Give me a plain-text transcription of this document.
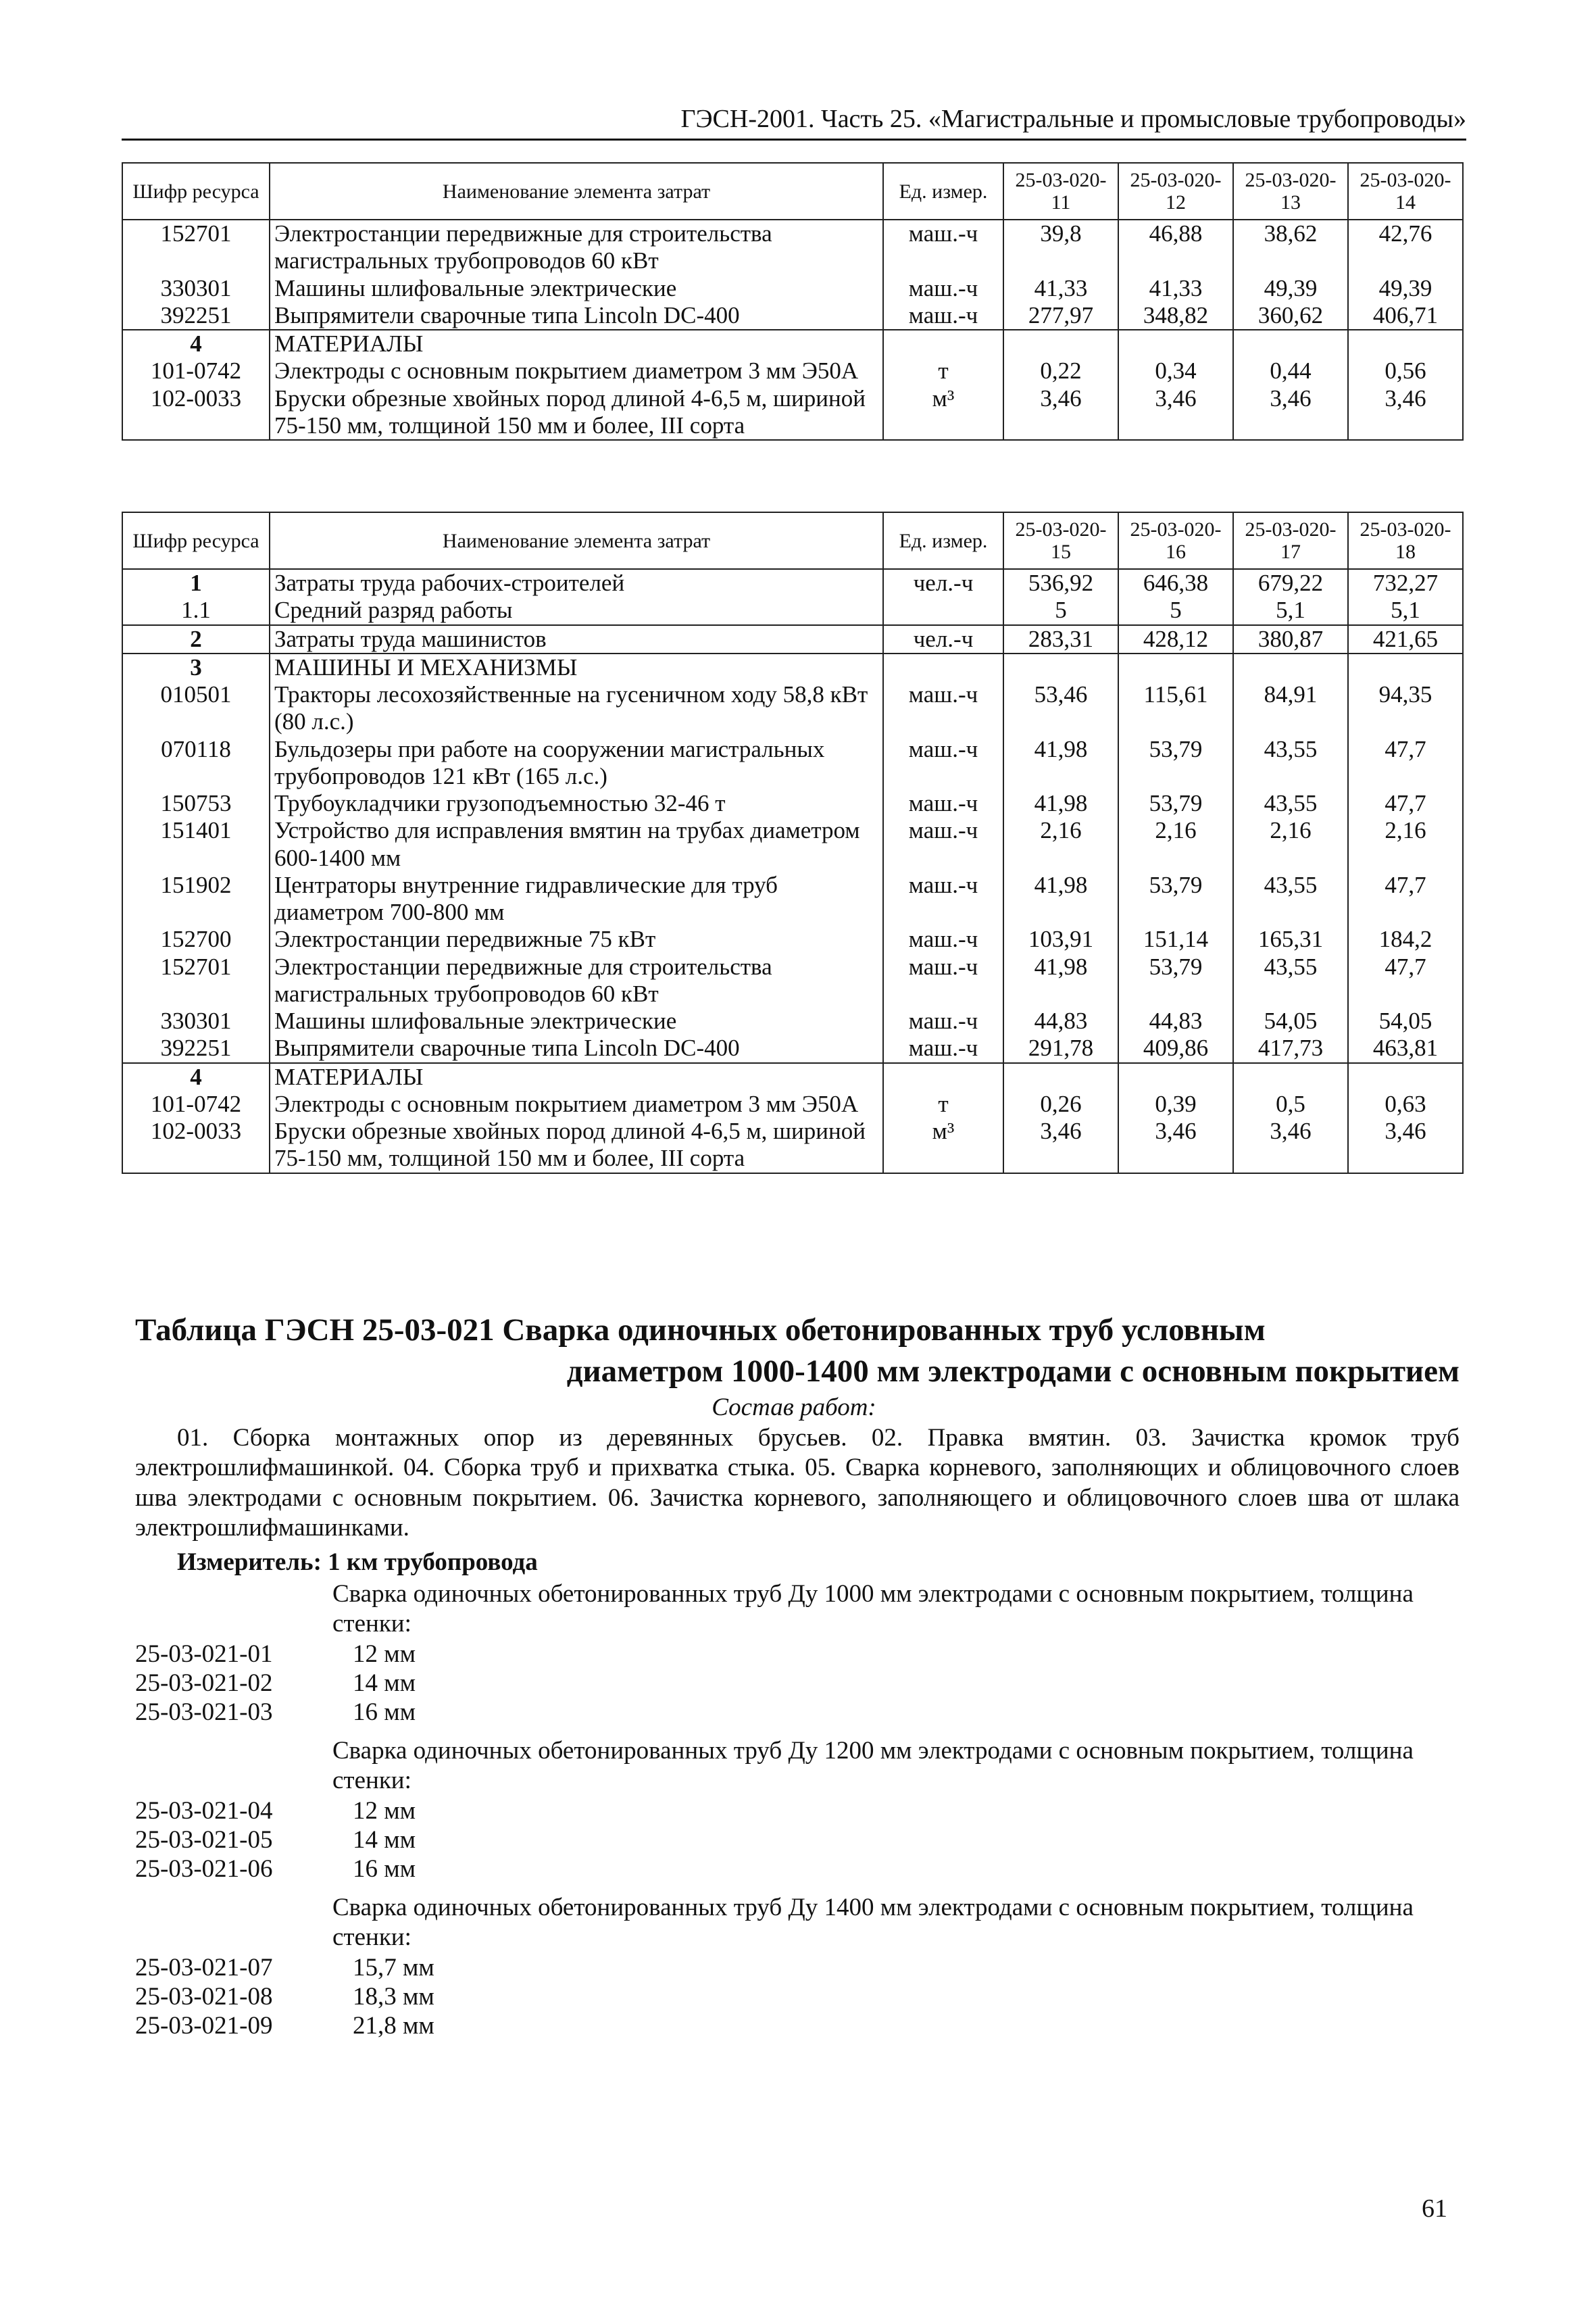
ГЭСН-2001. Часть 25. «Магистральные и промысловые трубопроводы»
Шифр ресурса	Наименование элемента затрат	Ед. измер.	25-03-020-11	25-03-020-12	25-03-020-13	25-03-020-14
152701	Электростанции передвижные для строительства магистральных трубопроводов 60 кВт	маш.-ч	39,8	46,88	38,62	42,76
330301	Машины шлифовальные электрические	маш.-ч	41,33	41,33	49,39	49,39
392251	Выпрямители сварочные типа Lincoln DC-400	маш.-ч	277,97	348,82	360,62	406,71
4	МАТЕРИАЛЫ					
101-0742	Электроды с основным покрытием диаметром 3 мм Э50А	т	0,22	0,34	0,44	0,56
102-0033	Бруски обрезные хвойных пород длиной 4-6,5 м, шириной 75-150 мм, толщиной 150 мм и более, III сорта	м³	3,46	3,46	3,46	3,46
Шифр ресурса	Наименование элемента затрат	Ед. измер.	25-03-020-15	25-03-020-16	25-03-020-17	25-03-020-18
1	Затраты труда рабочих-строителей	чел.-ч	536,92	646,38	679,22	732,27
1.1	Средний разряд работы		5	5	5,1	5,1
2	Затраты труда машинистов	чел.-ч	283,31	428,12	380,87	421,65
3	МАШИНЫ И МЕХАНИЗМЫ					
010501	Тракторы лесохозяйственные на гусеничном ходу 58,8 кВт (80 л.с.)	маш.-ч	53,46	115,61	84,91	94,35
070118	Бульдозеры при работе на сооружении магистральных трубопроводов 121 кВт (165 л.с.)	маш.-ч	41,98	53,79	43,55	47,7
150753	Трубоукладчики грузоподъемностью 32-46 т	маш.-ч	41,98	53,79	43,55	47,7
151401	Устройство для исправления вмятин на трубах диаметром 600-1400 мм	маш.-ч	2,16	2,16	2,16	2,16
151902	Центраторы внутренние гидравлические для труб диаметром 700-800 мм	маш.-ч	41,98	53,79	43,55	47,7
152700	Электростанции передвижные 75 кВт	маш.-ч	103,91	151,14	165,31	184,2
152701	Электростанции передвижные для строительства магистральных трубопроводов 60 кВт	маш.-ч	41,98	53,79	43,55	47,7
330301	Машины шлифовальные электрические	маш.-ч	44,83	44,83	54,05	54,05
392251	Выпрямители сварочные типа Lincoln DC-400	маш.-ч	291,78	409,86	417,73	463,81
4	МАТЕРИАЛЫ					
101-0742	Электроды с основным покрытием диаметром 3 мм Э50А	т	0,26	0,39	0,5	0,63
102-0033	Бруски обрезные хвойных пород длиной 4-6,5 м, шириной 75-150 мм, толщиной 150 мм и более, III сорта	м³	3,46	3,46	3,46	3,46
Таблица ГЭСН 25-03-021 Сварка одиночных обетонированных труб условным
диаметром 1000-1400 мм электродами с основным покрытием
Состав работ:
01. Сборка монтажных опор из деревянных брусьев. 02. Правка вмятин. 03. Зачистка кромок труб электрошлифмашинкой. 04. Сборка труб и прихватка стыка. 05. Сварка корневого, заполняющих и облицовочного слоев шва электродами с основным покрытием. 06. Зачистка корневого, заполняющего и облицовочного слоев шва от шлака электрошлифмашинками.
Измеритель: 1 км трубопровода
Сварка одиночных обетонированных труб Ду 1000 мм электродами с основным покрытием, толщина стенки:
25-03-021-01	12 мм
25-03-021-02	14 мм
25-03-021-03	16 мм
Сварка одиночных обетонированных труб Ду 1200 мм электродами с основным покрытием, толщина стенки:
25-03-021-04	12 мм
25-03-021-05	14 мм
25-03-021-06	16 мм
Сварка одиночных обетонированных труб Ду 1400 мм электродами с основным покрытием, толщина стенки:
25-03-021-07	15,7 мм
25-03-021-08	18,3 мм
25-03-021-09	21,8 мм
61
